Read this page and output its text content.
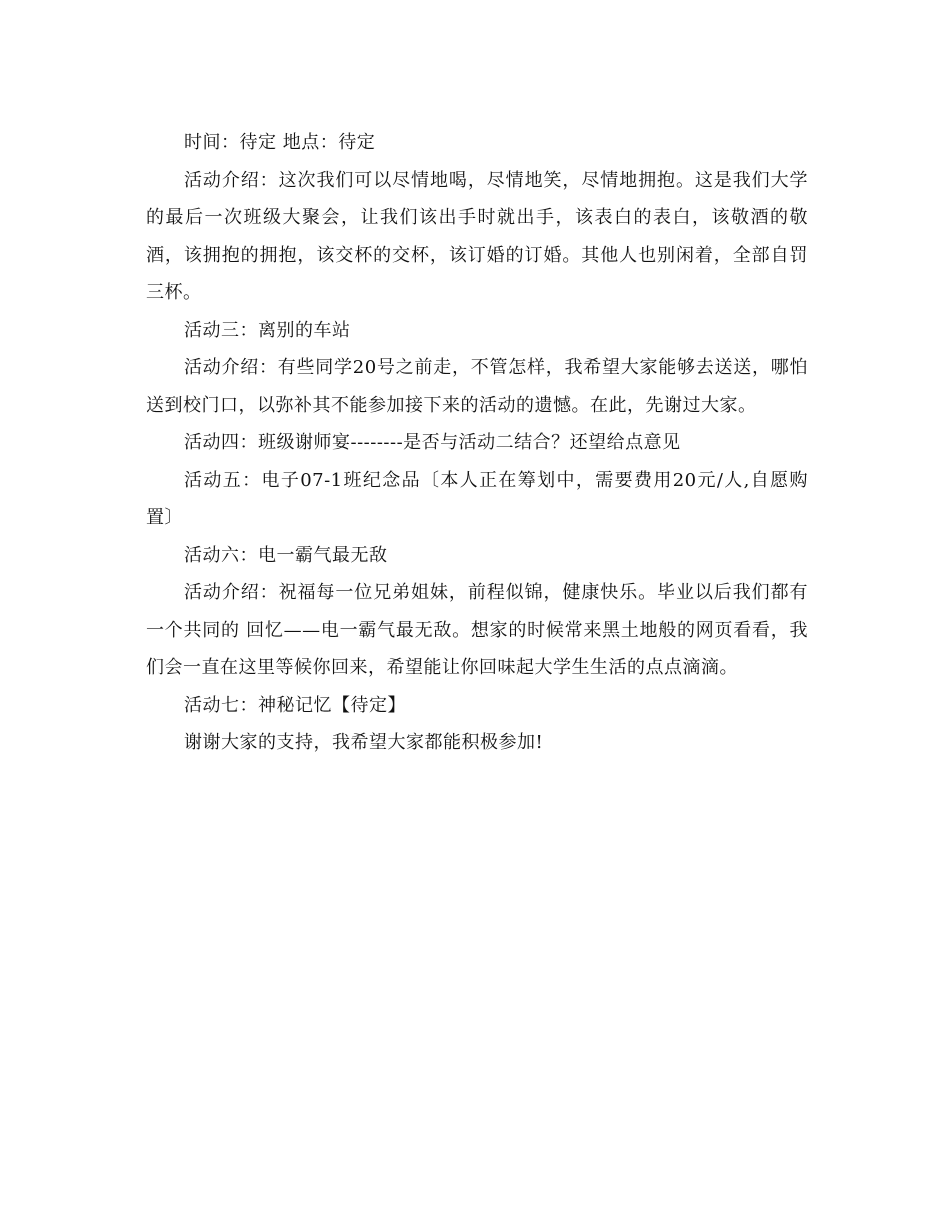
时间：待定 地点：待定

活动介绍：这次我们可以尽情地喝，尽情地笑，尽情地拥抱。这是我们大学的最后一次班级大聚会，让我们该出手时就出手，该表白的表白，该敬酒的敬酒，该拥抱的拥抱，该交杯的交杯，该订婚的订婚。其他人也别闲着，全部自罚三杯。

活动三：离别的车站

活动介绍：有些同学20号之前走，不管怎样，我希望大家能够去送送，哪怕送到校门口，以弥补其不能参加接下来的活动的遗憾。在此，先谢过大家。

活动四：班级谢师宴--------是否与活动二结合？还望给点意见

活动五：电子07-1班纪念品〔本人正在筹划中，需要费用20元/人,自愿购置〕

活动六：电一霸气最无敌

活动介绍：祝福每一位兄弟姐妹，前程似锦，健康快乐。毕业以后我们都有一个共同的 回忆——电一霸气最无敌。想家的时候常来黑土地般的网页看看，我们会一直在这里等候你回来，希望能让你回味起大学生生活的点点滴滴。

活动七：神秘记忆【待定】

谢谢大家的支持，我希望大家都能积极参加!
